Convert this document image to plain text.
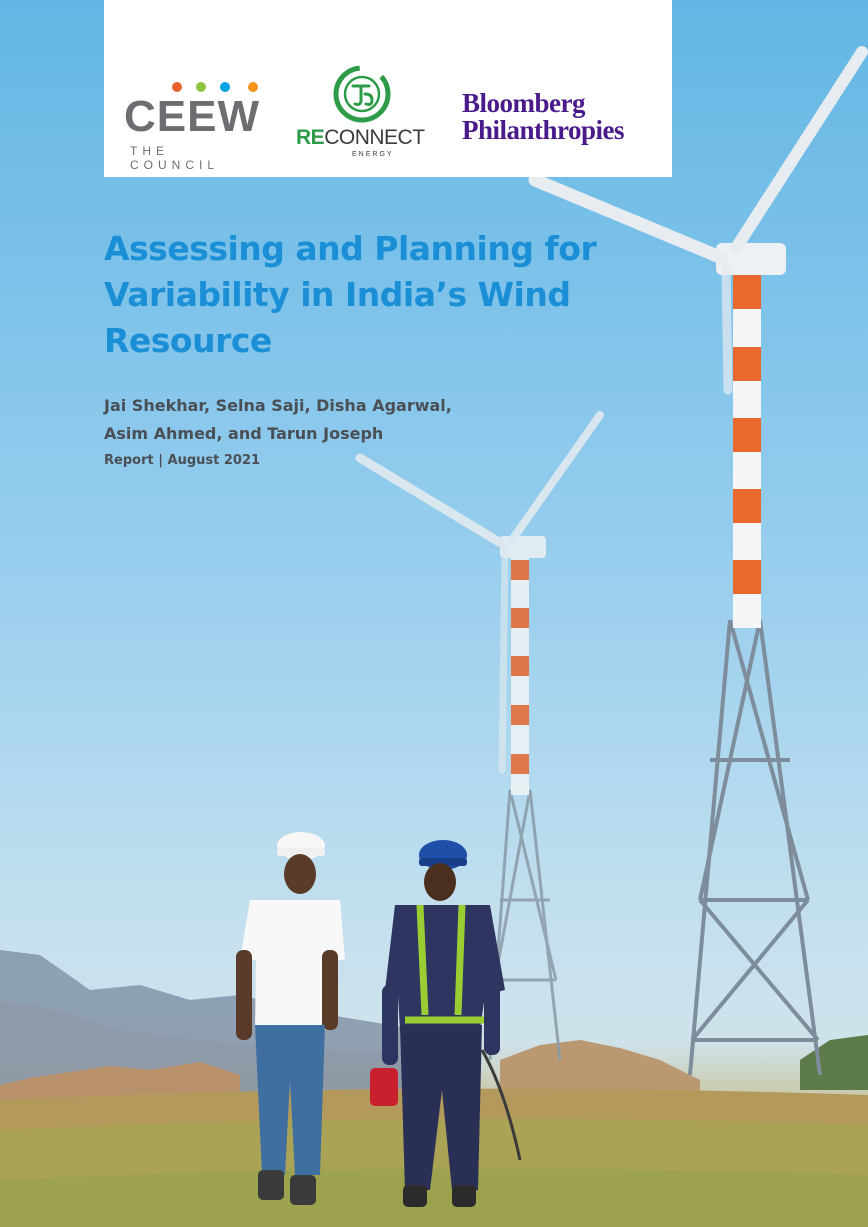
CEEW
THE COUNCIL
RECONNECT
ENERGY
Bloomberg
Philanthropies
Assessing and Planning for Variability in India’s Wind Resource
Jai Shekhar, Selna Saji, Disha Agarwal,
Asim Ahmed, and Tarun Joseph
Report | August 2021
